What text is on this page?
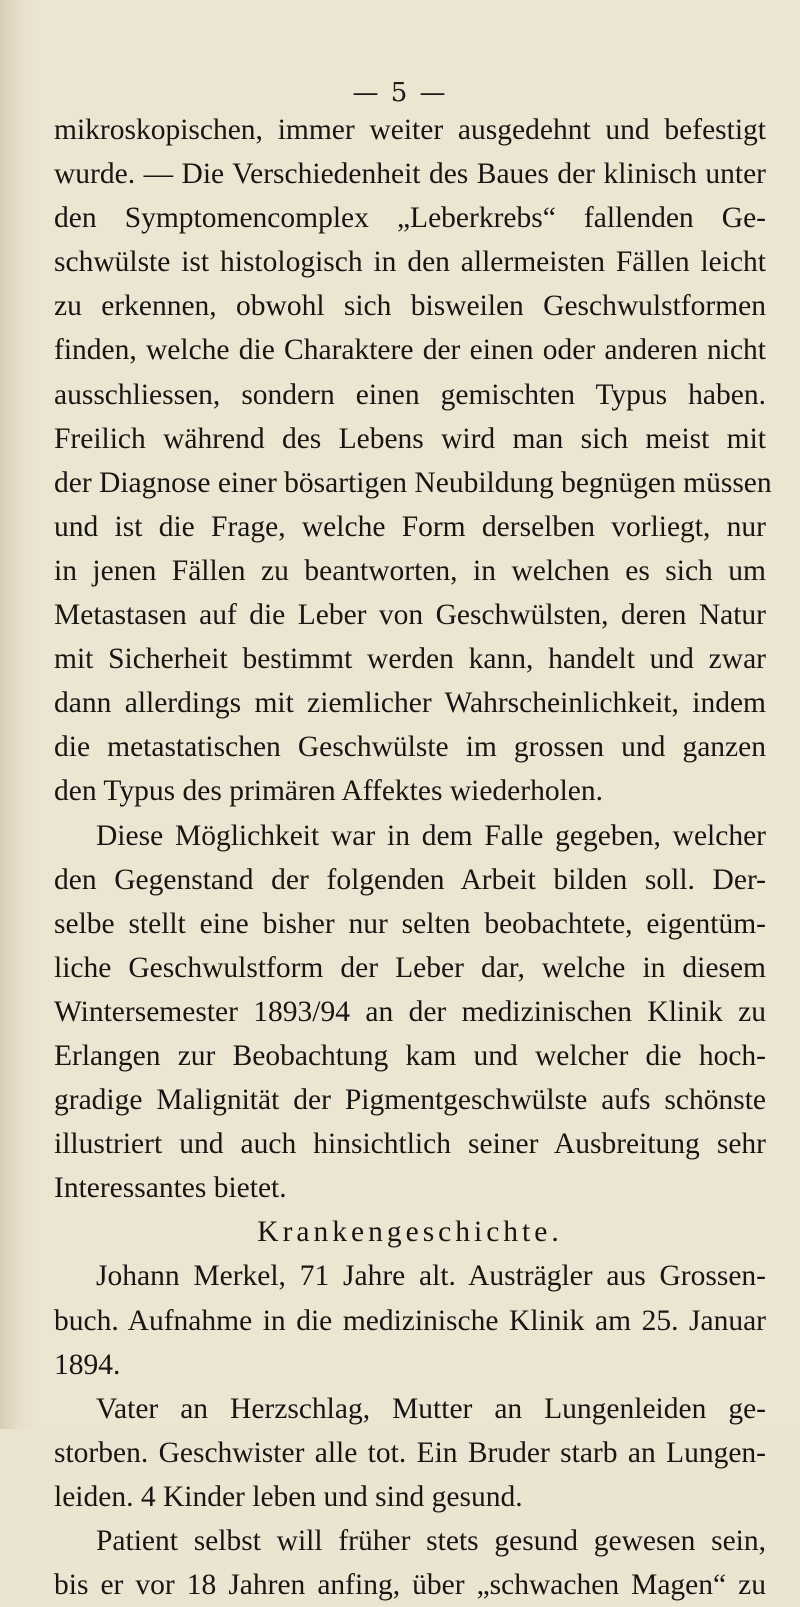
— 5 —
mikroskopischen, immer weiter ausgedehnt und befestigt
wurde. — Die Verschiedenheit des Baues der klinisch unter
den Symptomencomplex „Leberkrebs“ fallenden Ge-
schwülste ist histologisch in den allermeisten Fällen leicht
zu erkennen, obwohl sich bisweilen Geschwulstformen
finden, welche die Charaktere der einen oder anderen nicht
ausschliessen, sondern einen gemischten Typus haben.
Freilich während des Lebens wird man sich meist mit
der Diagnose einer bösartigen Neubildung begnügen müssen
und ist die Frage, welche Form derselben vorliegt, nur
in jenen Fällen zu beantworten, in welchen es sich um
Metastasen auf die Leber von Geschwülsten, deren Natur
mit Sicherheit bestimmt werden kann, handelt und zwar
dann allerdings mit ziemlicher Wahrscheinlichkeit, indem
die metastatischen Geschwülste im grossen und ganzen
den Typus des primären Affektes wiederholen.
Diese Möglichkeit war in dem Falle gegeben, welcher
den Gegenstand der folgenden Arbeit bilden soll. Der-
selbe stellt eine bisher nur selten beobachtete, eigentüm-
liche Geschwulstform der Leber dar, welche in diesem
Wintersemester 1893/94 an der medizinischen Klinik zu
Erlangen zur Beobachtung kam und welcher die hoch-
gradige Malignität der Pigmentgeschwülste aufs schönste
illustriert und auch hinsichtlich seiner Ausbreitung sehr
Interessantes bietet.
Krankengeschichte.
Johann Merkel, 71 Jahre alt. Austrägler aus Grossen-
buch. Aufnahme in die medizinische Klinik am 25. Januar
1894.
Vater an Herzschlag, Mutter an Lungenleiden ge-
storben. Geschwister alle tot. Ein Bruder starb an Lungen-
leiden. 4 Kinder leben und sind gesund.
Patient selbst will früher stets gesund gewesen sein,
bis er vor 18 Jahren anfing, über „schwachen Magen“ zu
